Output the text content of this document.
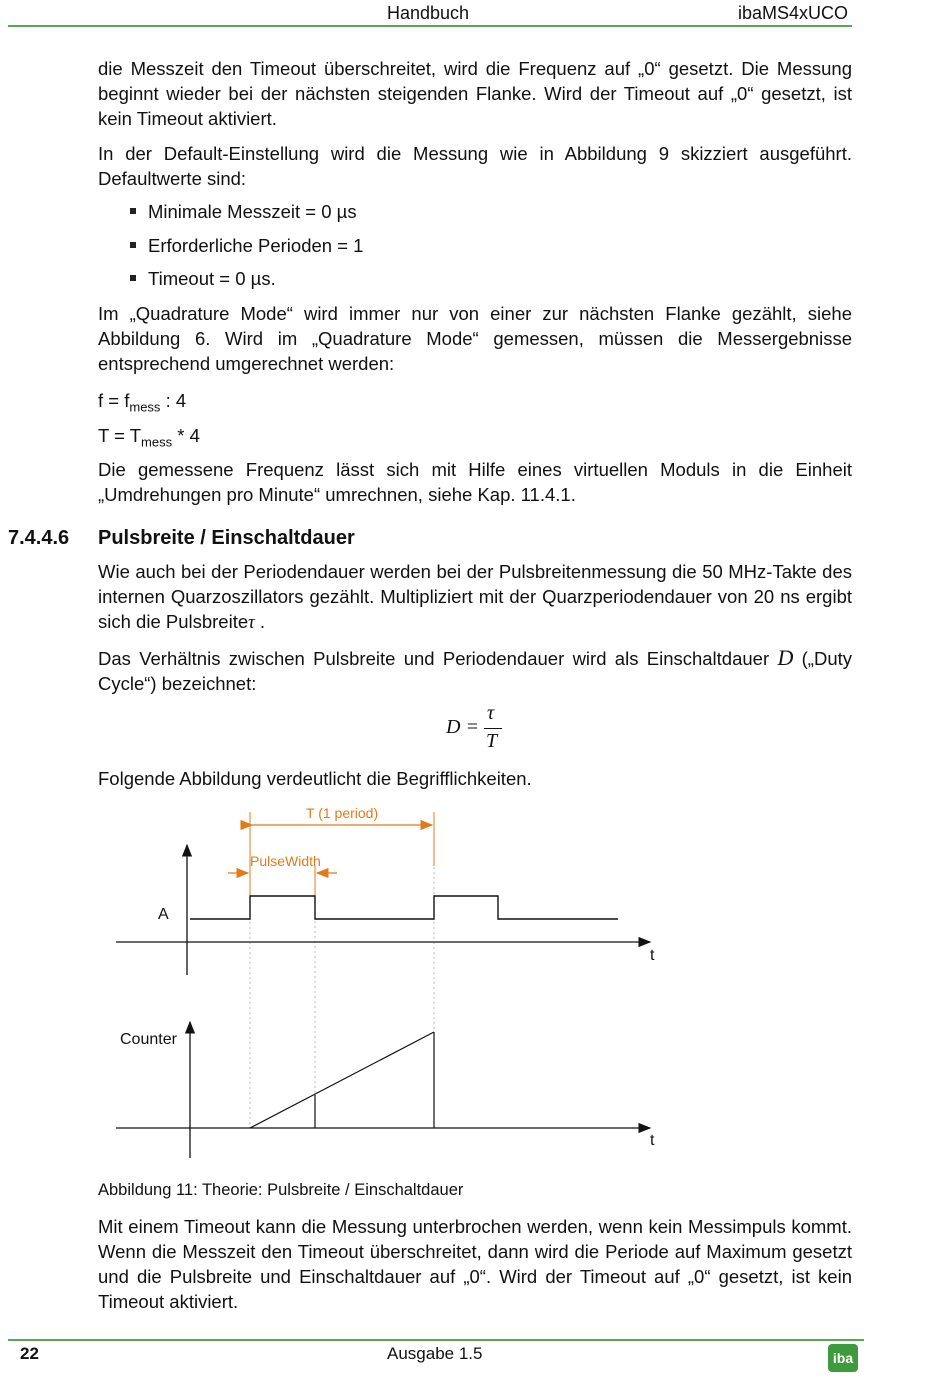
Handbuch	ibaMS4xUCO

die Messzeit den Timeout überschreitet, wird die Frequenz auf „0“ gesetzt. Die Messung beginnt wieder bei der nächsten steigenden Flanke. Wird der Timeout auf „0“ gesetzt, ist kein Timeout aktiviert.

In der Default-Einstellung wird die Messung wie in Abbildung 9 skizziert ausgeführt. Defaultwerte sind:

Minimale Messzeit = 0 µs
Erforderliche Perioden = 1
Timeout = 0 µs.

Im „Quadrature Mode“ wird immer nur von einer zur nächsten Flanke gezählt, siehe Abbildung 6. Wird im „Quadrature Mode“ gemessen, müssen die Messergebnisse entsprechend umgerechnet werden:

$f = f_{mess}$ : 4
$T = T_{mess} * 4$

Die gemessene Frequenz lässt sich mit Hilfe eines virtuellen Moduls in die Einheit „Umdrehungen pro Minute“ umrechnen, siehe Kap. 11.4.1.

7.4.4.6 Pulsbreite / Einschaltdauer

Wie auch bei der Periodendauer werden bei der Pulsbreitenmessung die 50 MHz-Takte des internen Quarzoszillators gezählt. Multipliziert mit der Quarzperiodendauer von 20 ns ergibt sich die Pulsbreiteτ .

Das Verhältnis zwischen Pulsbreite und Periodendauer wird als Einschaltdauer D („Duty Cycle“) bezeichnet:

D =
τ
T

Folgende Abbildung verdeutlicht die Begrifflichkeiten.

T (1 period)
PulseWidth
A
t
Counter
t
Abbildung 11: Theorie: Pulsbreite / Einschaltdauer

Mit einem Timeout kann die Messung unterbrochen werden, wenn kein Messimpuls kommt. Wenn die Messzeit den Timeout überschreitet, dann wird die Periode auf Maximum gesetzt und die Pulsbreite und Einschaltdauer auf „0“. Wird der Timeout auf „0“ gesetzt, ist kein Timeout aktiviert.

22	Ausgabe 1.5	iba
